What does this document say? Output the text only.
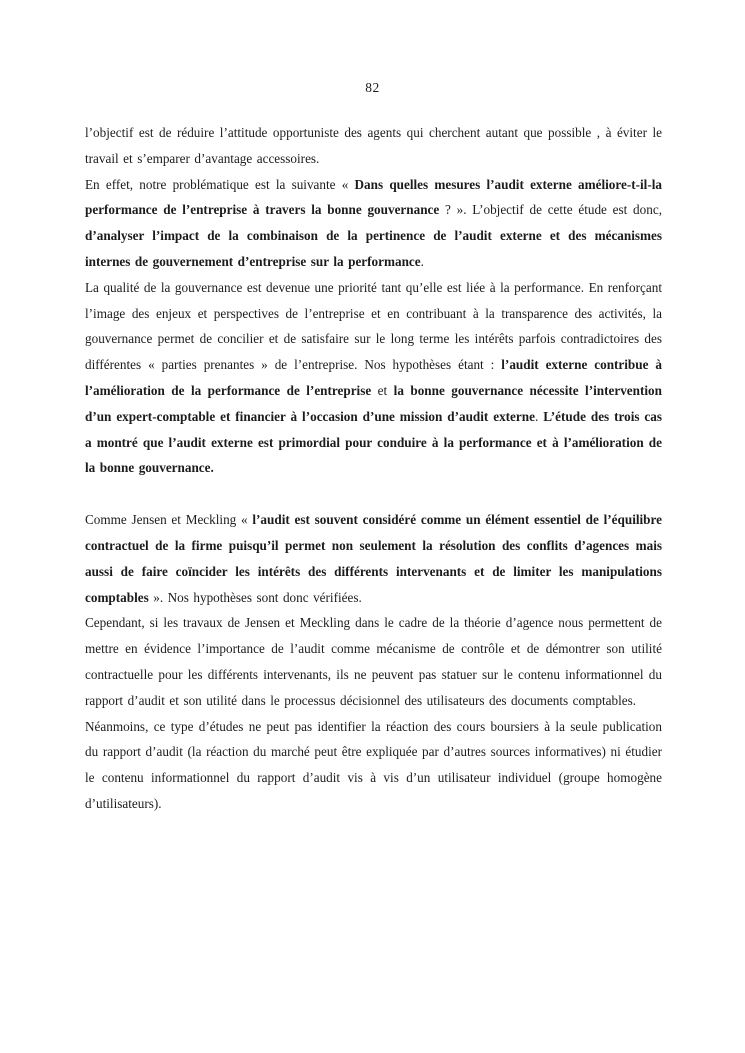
82

l’objectif est de réduire l’attitude opportuniste des agents qui cherchent autant que possible , à éviter le travail et s’emparer d’avantage accessoires.

En effet, notre problématique est la suivante « Dans quelles mesures l’audit externe améliore-t-il-la performance de l’entreprise à travers la bonne gouvernance ? ». L’objectif de cette étude est donc, d’analyser l’impact de la combinaison de la pertinence de l’audit externe et des mécanismes internes de gouvernement d’entreprise sur la performance.

La qualité de la gouvernance est devenue une priorité tant qu’elle est liée à la performance. En renforçant l’image des enjeux et perspectives de l’entreprise et en contribuant à la transparence des activités, la gouvernance permet de concilier et de satisfaire sur le long terme les intérêts parfois contradictoires des différentes « parties prenantes » de l’entreprise. Nos hypothèses étant : l’audit externe contribue à l’amélioration de la performance de l’entreprise et la bonne gouvernance nécessite l’intervention d’un expert-comptable et financier à l’occasion d’une mission d’audit externe. L’étude des trois cas a montré que l’audit externe est primordial pour conduire à la performance et à l’amélioration de la bonne gouvernance.

Comme Jensen et Meckling « l’audit est souvent considéré comme un élément essentiel de l’équilibre contractuel de la firme puisqu’il permet non seulement la résolution des conflits d’agences mais aussi de faire coïncider les intérêts des différents intervenants et de limiter les manipulations comptables ». Nos hypothèses sont donc vérifiées.

Cependant, si les travaux de Jensen et Meckling dans le cadre de la théorie d’agence nous permettent de mettre en évidence l’importance de l’audit comme mécanisme de contrôle et de démontrer son utilité contractuelle pour les différents intervenants, ils ne peuvent pas statuer sur le contenu informationnel du rapport d’audit et son utilité dans le processus décisionnel des utilisateurs des documents comptables.

Néanmoins, ce type d’études ne peut pas identifier la réaction des cours boursiers à la seule publication du rapport d’audit (la réaction du marché peut être expliquée par d’autres sources informatives) ni étudier le contenu informationnel du rapport d’audit vis à vis d’un utilisateur individuel (groupe homogène d’utilisateurs).
